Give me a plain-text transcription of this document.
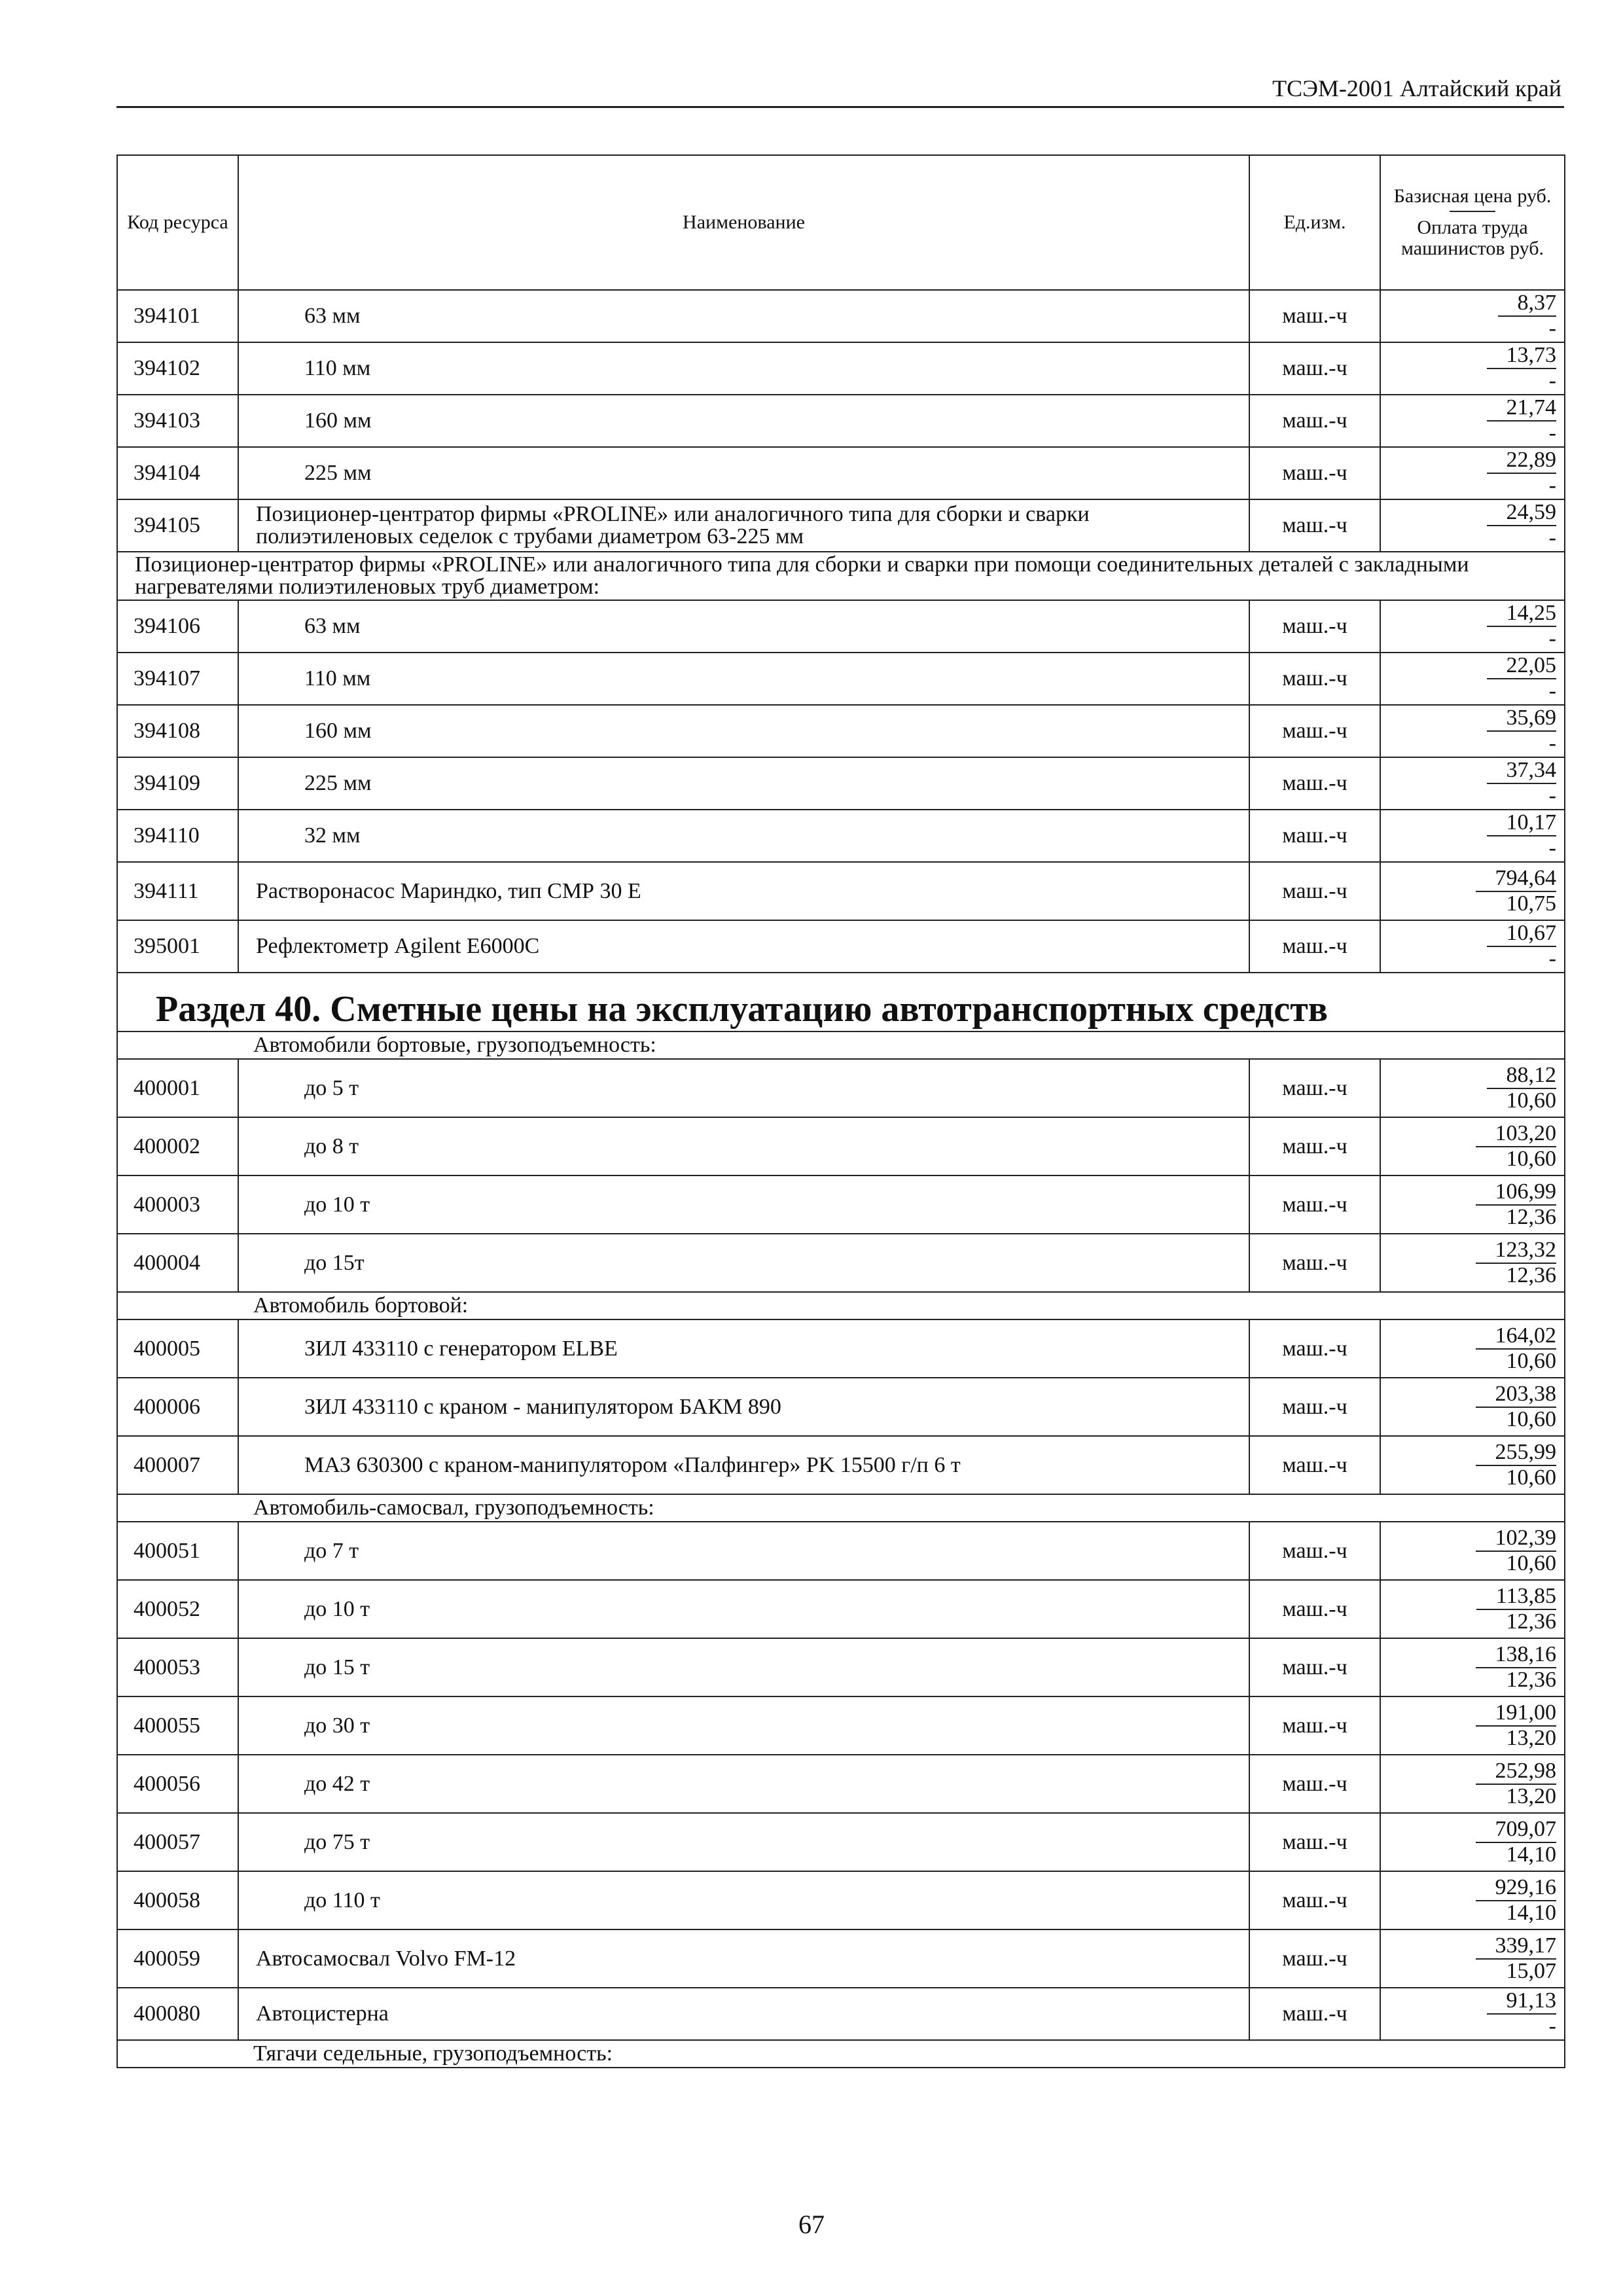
ТСЭМ-2001 Алтайский край
Код ресурса	Наименование	Ед.изм.	Базисная цена руб.
Оплата труда машинистов руб.

394101	63 мм	маш.-ч	$\frac{8,37}{-}$

394102	110 мм	маш.-ч	$\frac{13,73}{-}$

394103	160 мм	маш.-ч	$\frac{21,74}{-}$

394104	225 мм	маш.-ч	$\frac{22,89}{-}$

394105	Позиционер-центратор фирмы «PROLINE» или аналогичного типа для сборки и сварки полиэтиленовых седелок с трубами диаметром 63-225 мм	маш.-ч	$\frac{24,59}{-}$

Позиционер-центратор фирмы «PROLINE» или аналогичного типа для сборки и сварки при помощи соединительных деталей с закладными нагревателями полиэтиленовых труб диаметром:			
394106	63 мм	маш.-ч	$\frac{14,25}{-}$

394107	110 мм	маш.-ч	$\frac{22,05}{-}$

394108	160 мм	маш.-ч	$\frac{35,69}{-}$

394109	225 мм	маш.-ч	$\frac{37,34}{-}$

394110	32 мм	маш.-ч	$\frac{10,17}{-}$

394111	Растворонасос Мариндко, тип СМР 30 Е	маш.-ч	$\frac{794,64}{10,75}$

395001	Рефлектометр Agilent E6000C	маш.-ч	$\frac{10,67}{-}$

Раздел 40. Сметные цены на эксплуатацию автотранспортных средств			
Автомобили бортовые, грузоподъемность:			
400001	до 5 т	маш.-ч	$\frac{88,12}{10,60}$

400002	до 8 т	маш.-ч	$\frac{103,20}{10,60}$

400003	до 10 т	маш.-ч	$\frac{106,99}{12,36}$

400004	до 15т	маш.-ч	$\frac{123,32}{12,36}$

Автомобиль бортовой:			
400005	ЗИЛ 433110 с генератором ELBE	маш.-ч	$\frac{164,02}{10,60}$

400006	ЗИЛ 433110 с краном - манипулятором БАКМ 890	маш.-ч	$\frac{203,38}{10,60}$

400007	МАЗ 630300 с краном-манипулятором «Палфингер» PK 15500 г/п 6 т	маш.-ч	$\frac{255,99}{10,60}$

Автомобиль-самосвал, грузоподъемность:			
400051	до 7 т	маш.-ч	$\frac{102,39}{10,60}$

400052	до 10 т	маш.-ч	$\frac{113,85}{12,36}$

400053	до 15 т	маш.-ч	$\frac{138,16}{12,36}$

400055	до 30 т	маш.-ч	$\frac{191,00}{13,20}$

400056	до 42 т	маш.-ч	$\frac{252,98}{13,20}$

400057	до 75 т	маш.-ч	$\frac{709,07}{14,10}$

400058	до 110 т	маш.-ч	$\frac{929,16}{14,10}$

400059	Автосамосвал Volvo FM-12	маш.-ч	$\frac{339,17}{15,07}$

400080	Автоцистерна	маш.-ч	$\frac{91,13}{-}$

Тягачи седельные, грузоподъемность:			
67
